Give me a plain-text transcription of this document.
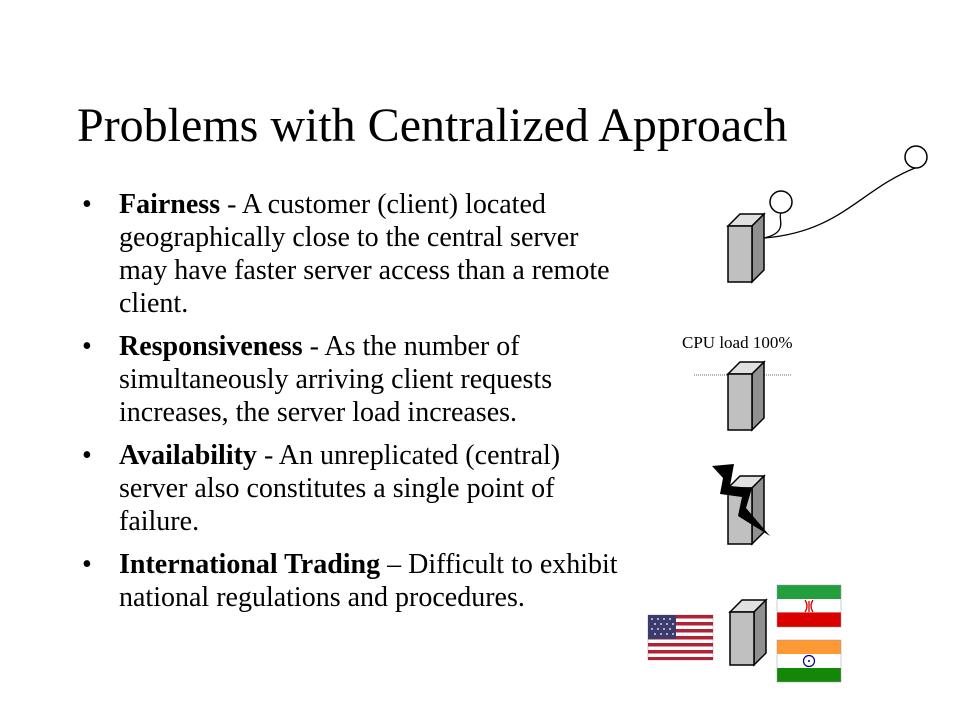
Problems with Centralized Approach
• Fairness - A customer (client) located geographically close to the central server may have faster server access than a remote client.
• Responsiveness - As the number of simultaneously arriving client requests increases, the server load increases.
• Availability - An unreplicated (central) server also constitutes a single point of failure.
• International Trading – Difficult to exhibit national regulations and procedures.
CPU load 100%
